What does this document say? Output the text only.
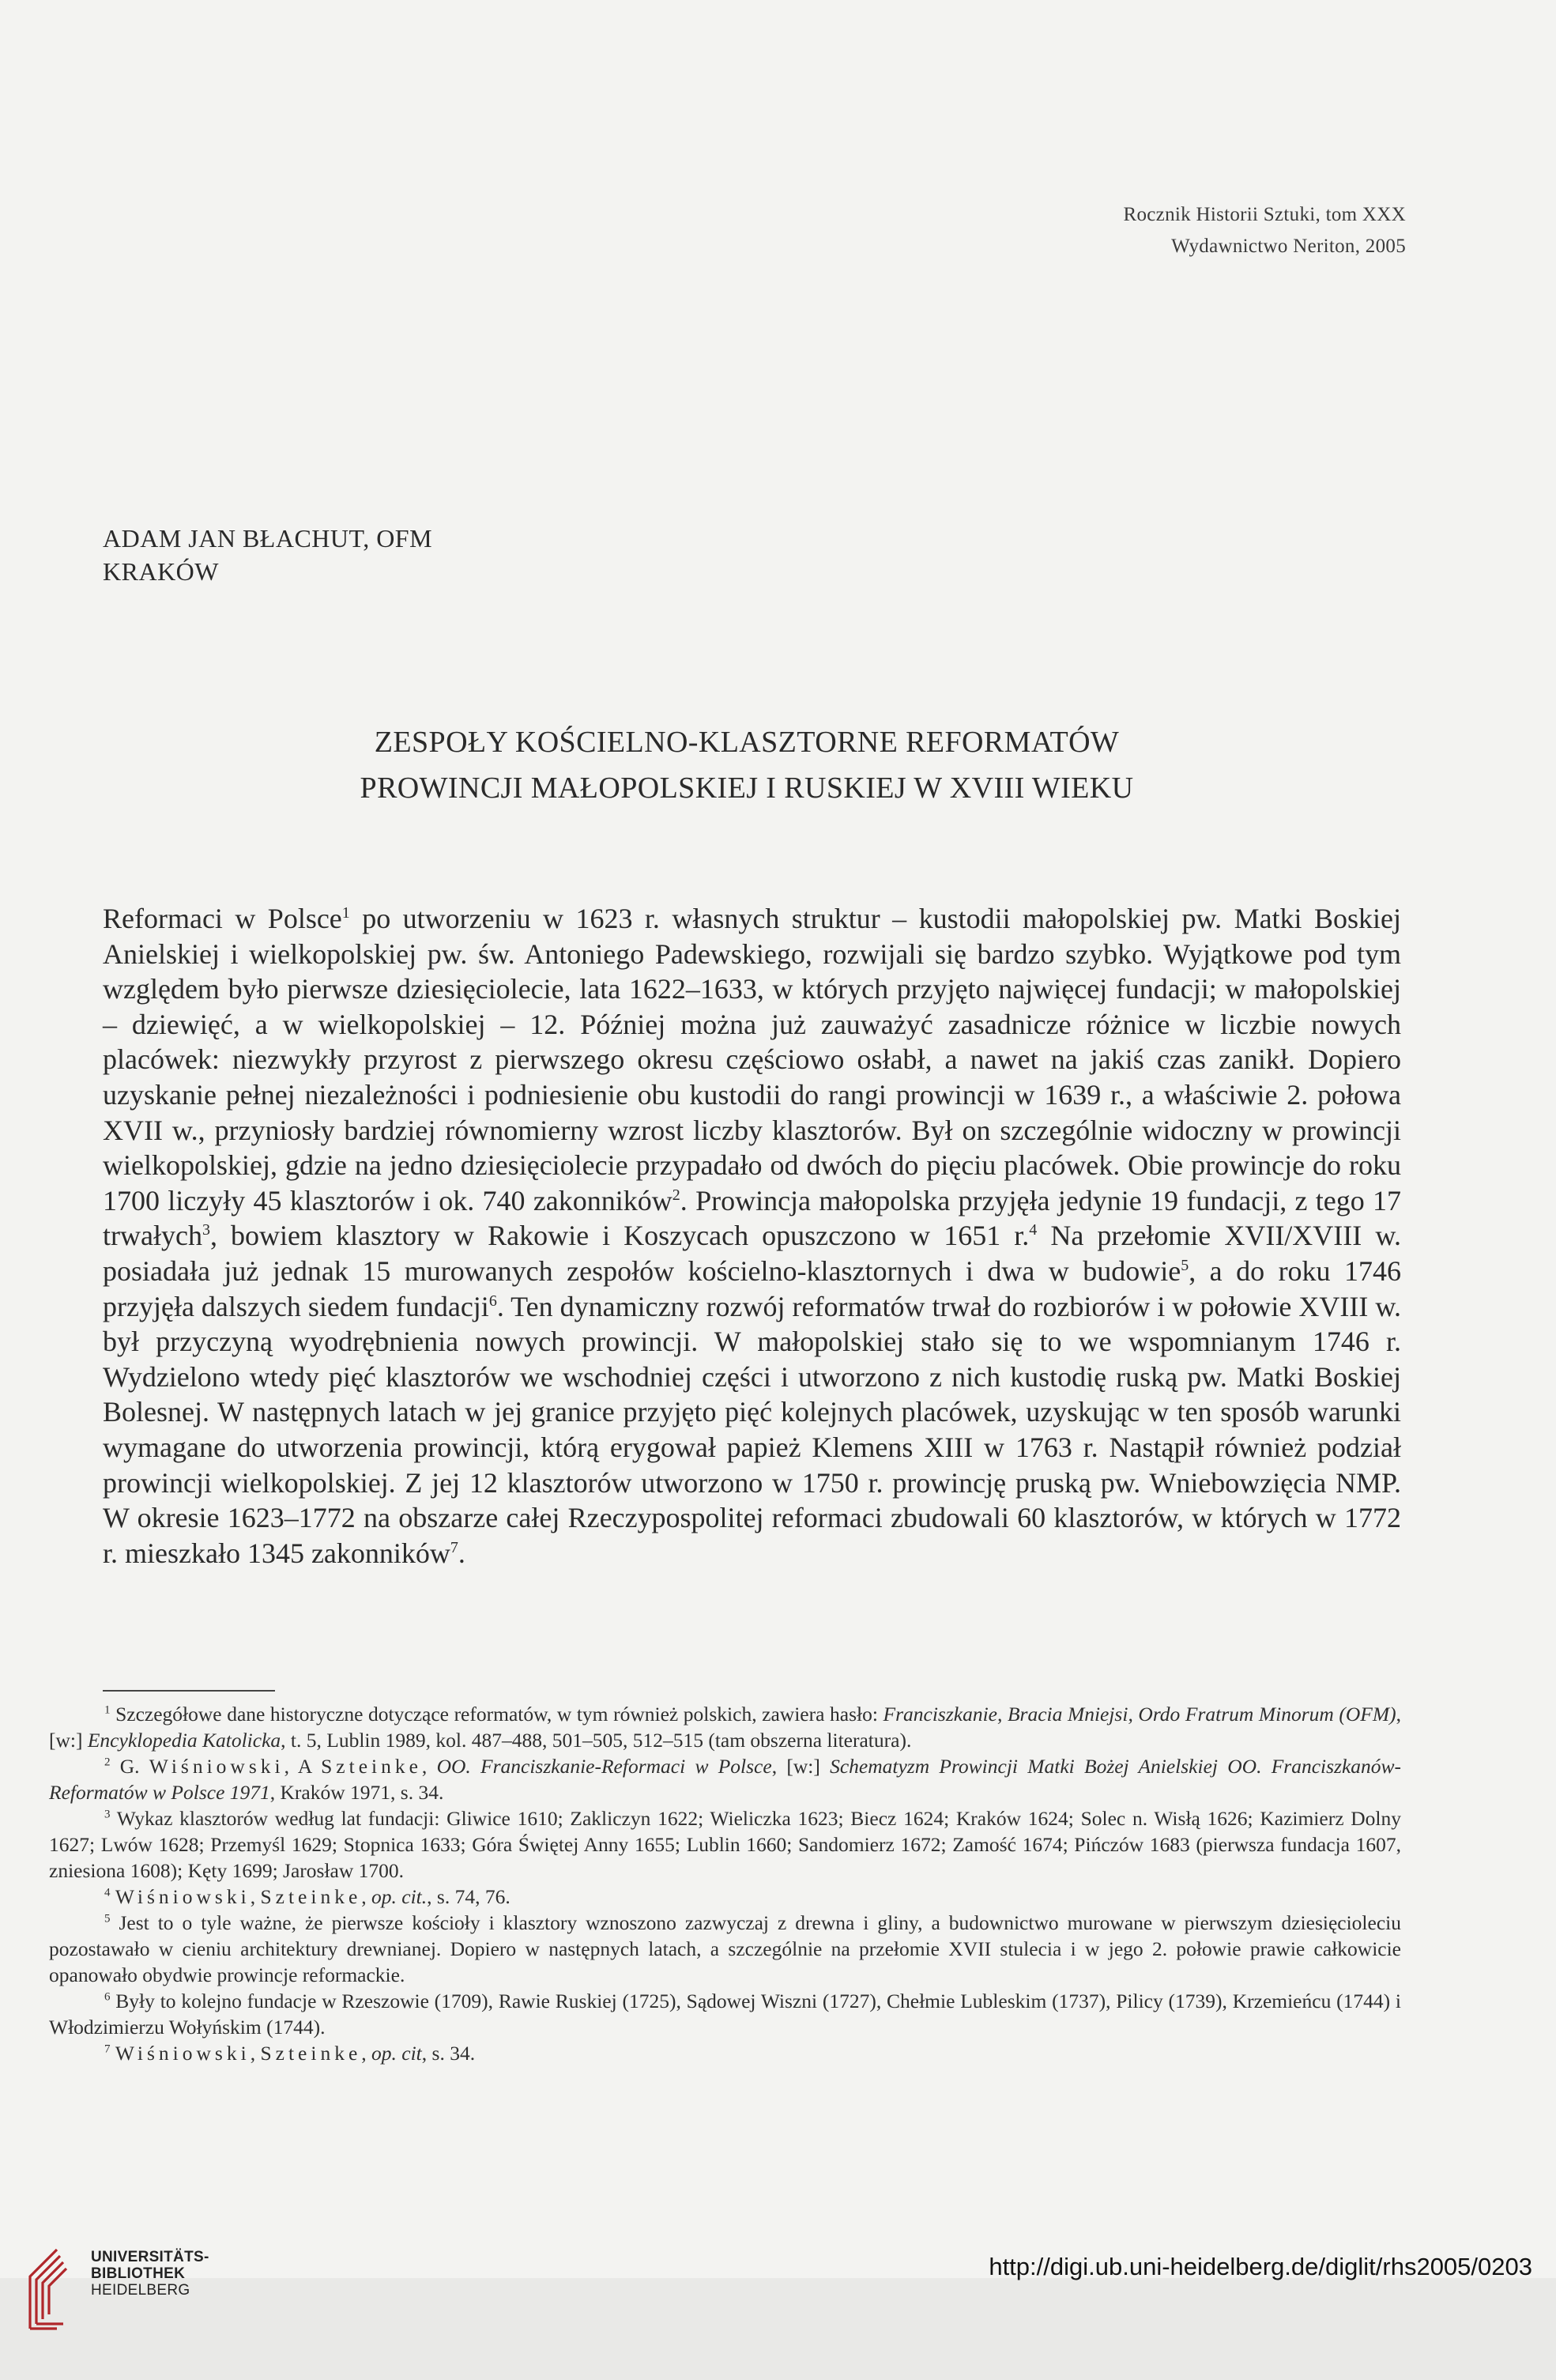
Rocznik Historii Sztuki, tom XXX
Wydawnictwo Neriton, 2005
ADAM JAN BŁACHUT, OFM
KRAKÓW
ZESPOŁY KOŚCIELNO-KLASZTORNE REFORMATÓW
PROWINCJI MAŁOPOLSKIEJ I RUSKIEJ W XVIII WIEKU

Reformaci w Polsce$^1$ po utworzeniu w 1623 r. własnych struktur – kustodii małopolskiej pw. Matki Boskiej Anielskiej i wielkopolskiej pw. św. Antoniego Padewskiego, rozwijali się bardzo szybko. Wyjątkowe pod tym względem było pierwsze dziesięciolecie, lata 1622–1633, w których przyjęto najwięcej fundacji; w małopolskiej – dziewięć, a w wielkopolskiej – 12. Później można już zauważyć zasadnicze różnice w liczbie nowych placówek: niezwykły przyrost z pierwszego okresu częściowo osłabł, a nawet na jakiś czas zanikł. Dopiero uzyskanie pełnej niezależności i podniesienie obu kustodii do rangi prowincji w 1639 r., a właściwie 2. połowa XVII w., przyniosły bardziej równomierny wzrost liczby klasztorów. Był on szczególnie widoczny w prowincji wielkopolskiej, gdzie na jedno dziesięciolecie przypadało od dwóch do pięciu placówek. Obie prowincje do roku 1700 liczyły 45 klasztorów i ok. 740 zakonników$^2$. Prowincja małopolska przyjęła jedynie 19 fundacji, z tego 17 trwałych$^3$, bowiem klasztory w Rakowie i Koszycach opuszczono w 1651 r.$^4$ Na przełomie XVII/XVIII w. posiadała już jednak 15 murowanych zespołów kościelno-klasztornych i dwa w budowie$^5$, a do roku 1746 przyjęła dalszych siedem fundacji$^6$. Ten dynamiczny rozwój reformatów trwał do rozbiorów i w połowie XVIII w. był przyczyną wyodrębnienia nowych prowincji. W małopolskiej stało się to we wspomnianym 1746 r. Wydzielono wtedy pięć klasztorów we wschodniej części i utworzono z nich kustodię ruską pw. Matki Boskiej Bolesnej. W następnych latach w jej granice przyjęto pięć kolejnych placówek, uzyskując w ten sposób warunki wymagane do utworzenia prowincji, którą erygował papież Klemens XIII w 1763 r. Nastąpił również podział prowincji wielkopolskiej. Z jej 12 klasztorów utworzono w 1750 r. prowincję pruską pw. Wniebowzięcia NMP. W okresie 1623–1772 na obszarze całej Rzeczypospolitej reformaci zbudowali 60 klasztorów, w których w 1772 r. mieszkało 1345 zakonników$^7$.

$^1$ Szczegółowe dane historyczne dotyczące reformatów, w tym również polskich, zawiera hasło: Franciszkanie, Bracia Mniejsi, Ordo Fratrum Minorum (OFM), [w:] Encyklopedia Katolicka, t. 5, Lublin 1989, kol. 487–488, 501–505, 512–515 (tam obszerna literatura).

$^2$ G. Wiśniowski, A Szteinke, OO. Franciszkanie-Reformaci w Polsce, [w:] Schematyzm Prowincji Matki Bożej Anielskiej OO. Franciszkanów-Reformatów w Polsce 1971, Kraków 1971, s. 34.

$^3$ Wykaz klasztorów według lat fundacji: Gliwice 1610; Zakliczyn 1622; Wieliczka 1623; Biecz 1624; Kraków 1624; Solec n. Wisłą 1626; Kazimierz Dolny 1627; Lwów 1628; Przemyśl 1629; Stopnica 1633; Góra Świętej Anny 1655; Lublin 1660; Sandomierz 1672; Zamość 1674; Pińczów 1683 (pierwsza fundacja 1607, zniesiona 1608); Kęty 1699; Jarosław 1700.

$^4$ Wiśniowski, Szteinke, op. cit., s. 74, 76.

$^5$ Jest to o tyle ważne, że pierwsze kościoły i klasztory wznoszono zazwyczaj z drewna i gliny, a budownictwo murowane w pierwszym dziesięcioleciu pozostawało w cieniu architektury drewnianej. Dopiero w następnych latach, a szczególnie na przełomie XVII stulecia i w jego 2. połowie prawie całkowicie opanowało obydwie prowincje reformackie.

$^6$ Były to kolejno fundacje w Rzeszowie (1709), Rawie Ruskiej (1725), Sądowej Wiszni (1727), Chełmie Lubleskim (1737), Pilicy (1739), Krzemieńcu (1744) i Włodzimierzu Wołyńskim (1744).

$^7$ Wiśniowski, Szteinke, op. cit, s. 34.

UNIVERSITÄTS-
BIBLIOTHEK
HEIDELBERG
http://digi.ub.uni-heidelberg.de/diglit/rhs2005/0203
